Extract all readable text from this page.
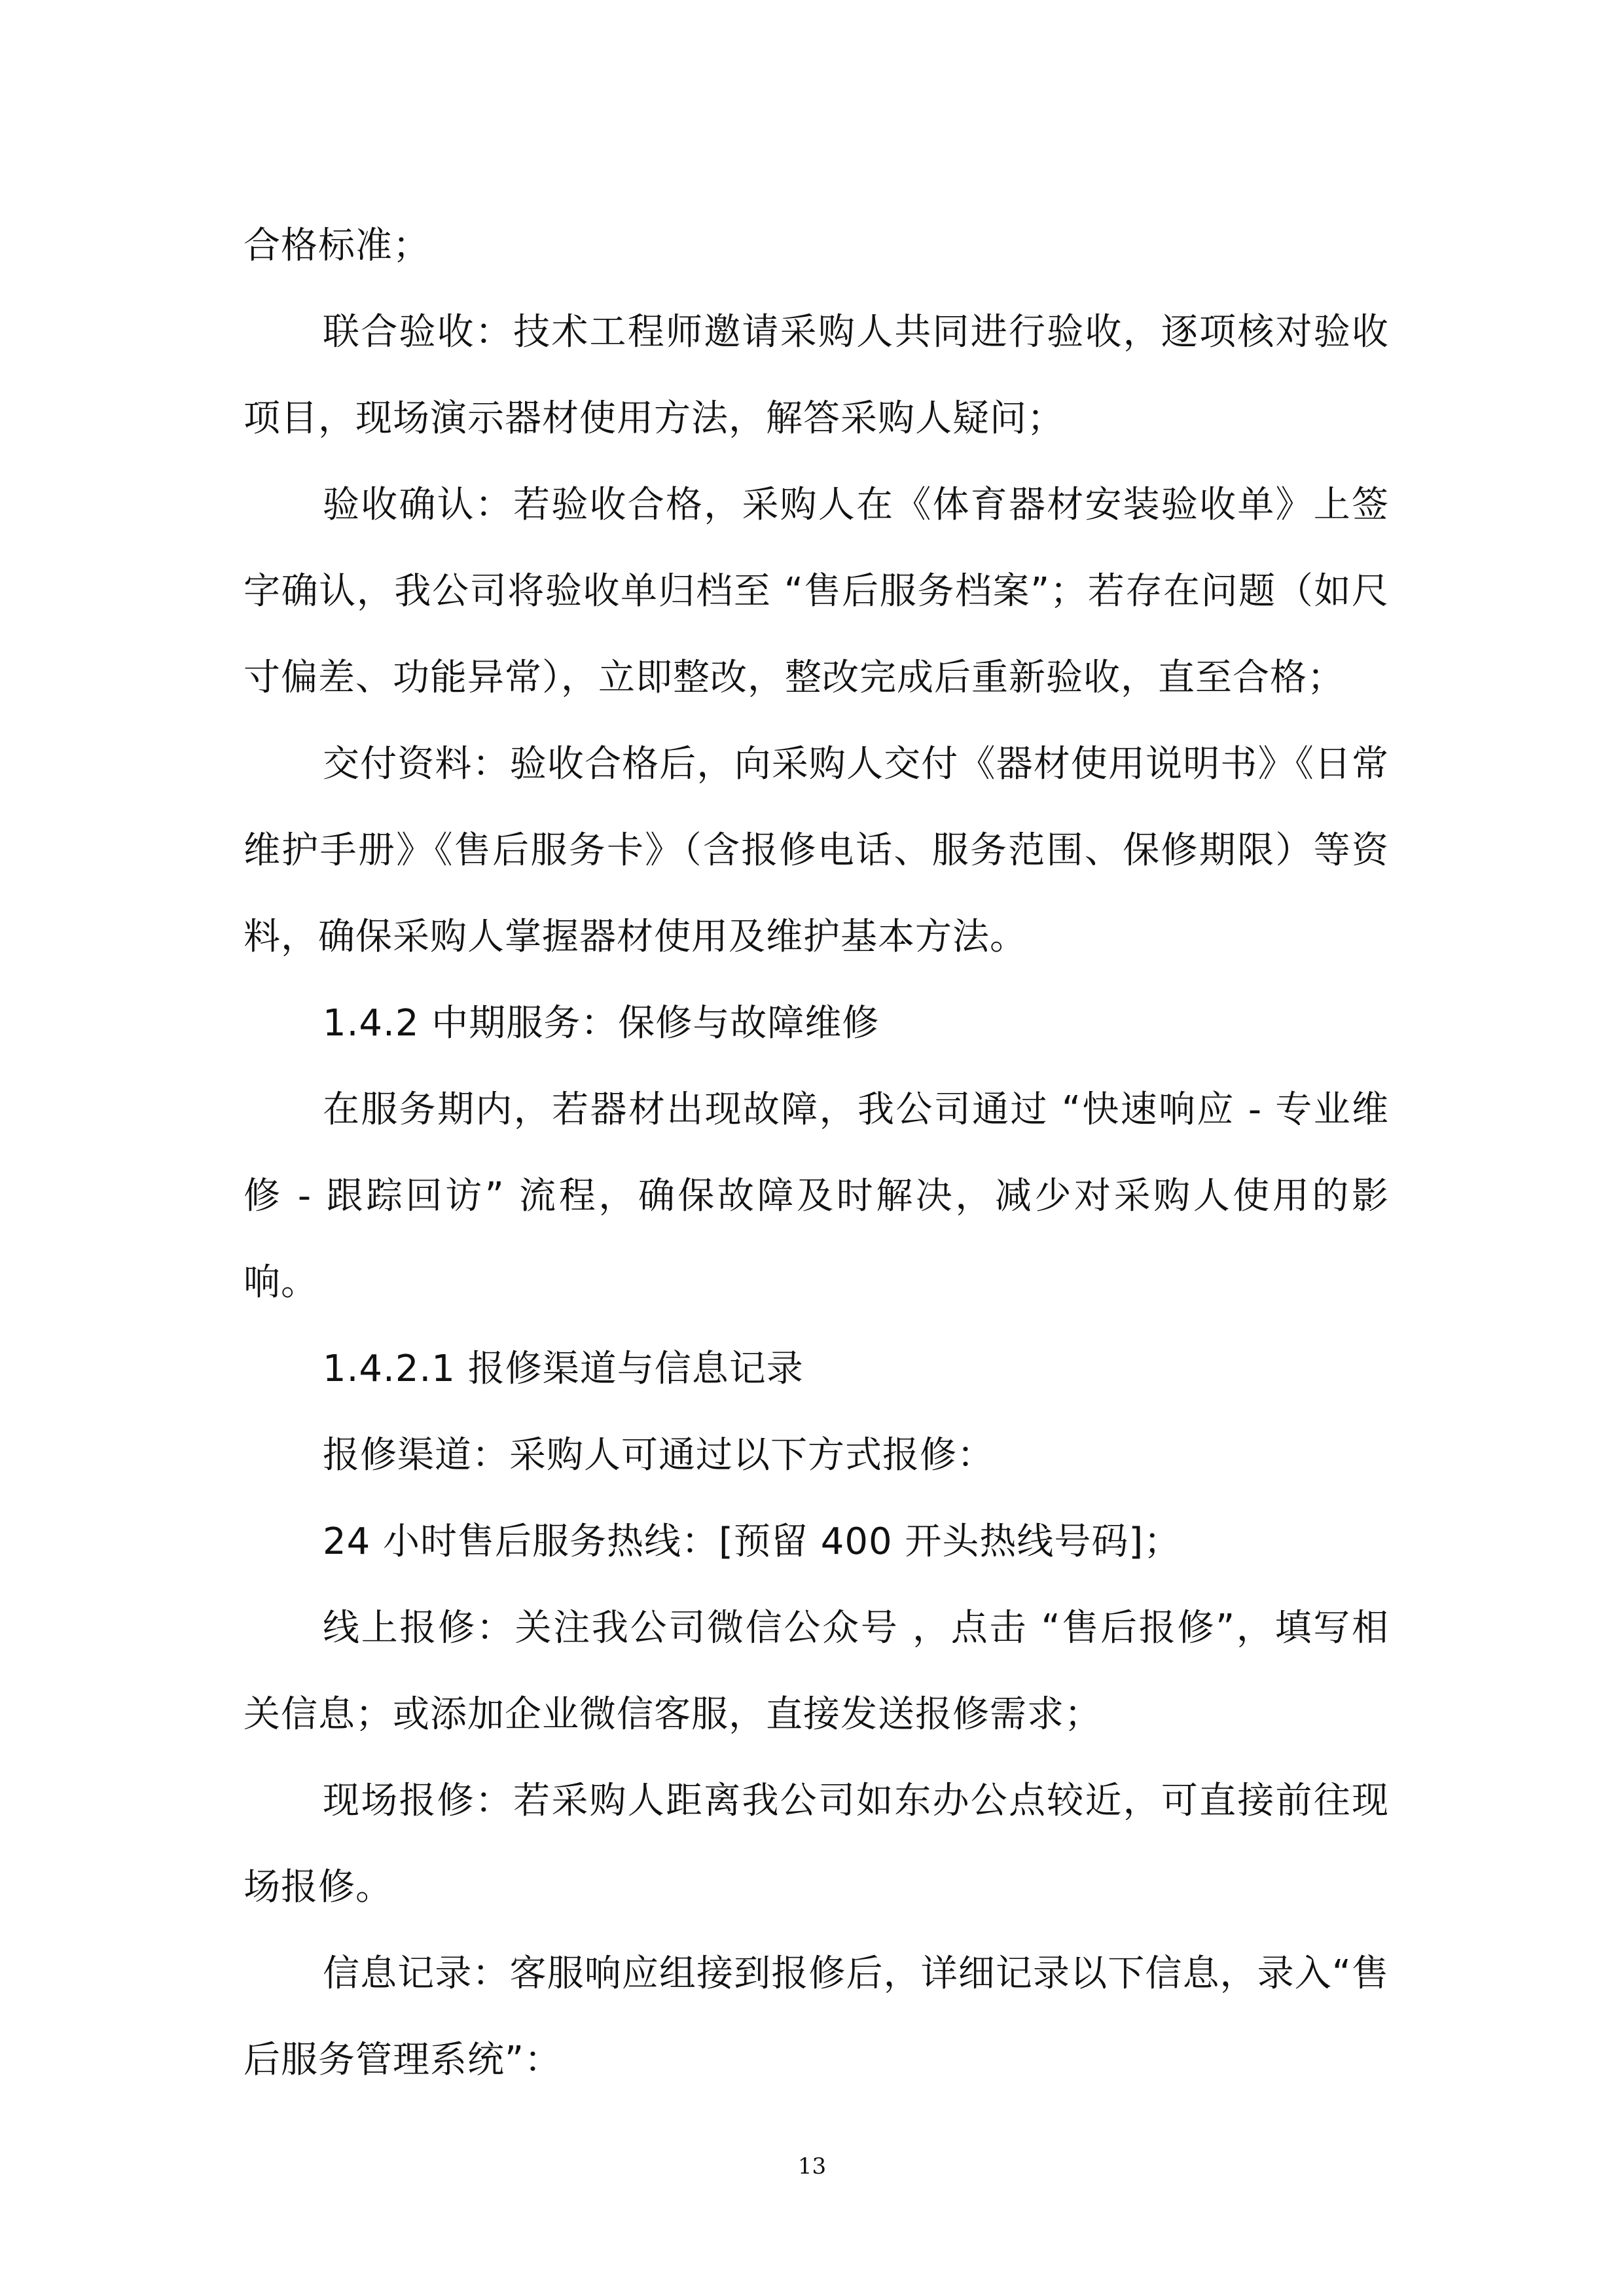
合格标准；

联合验收：技术工程师邀请采购人共同进行验收，逐项核对验收项目，现场演示器材使用方法，解答采购人疑问；

验收确认：若验收合格，采购人在《体育器材安装验收单》上签字确认，我公司将验收单归档至 “售后服务档案”；若存在问题（如尺寸偏差、功能异常），立即整改，整改完成后重新验收，直至合格；

交付资料：验收合格后，向采购人交付《器材使用说明书》《日常维护手册》《售后服务卡》（含报修电话、服务范围、保修期限）等资料，确保采购人掌握器材使用及维护基本方法。

1.4.2 中期服务：保修与故障维修

在服务期内，若器材出现故障，我公司通过 “快速响应 - 专业维修 - 跟踪回访” 流程，确保故障及时解决，减少对采购人使用的影响。

1.4.2.1 报修渠道与信息记录

报修渠道：采购人可通过以下方式报修：

24 小时售后服务热线：[预留 400 开头热线号码]；

线上报修：关注我公司微信公众号 ，点击 “售后报修”，填写相关信息；或添加企业微信客服，直接发送报修需求；

现场报修：若采购人距离我公司如东办公点较近，可直接前往现场报修。

信息记录：客服响应组接到报修后，详细记录以下信息，录入“售后服务管理系统”：

13
